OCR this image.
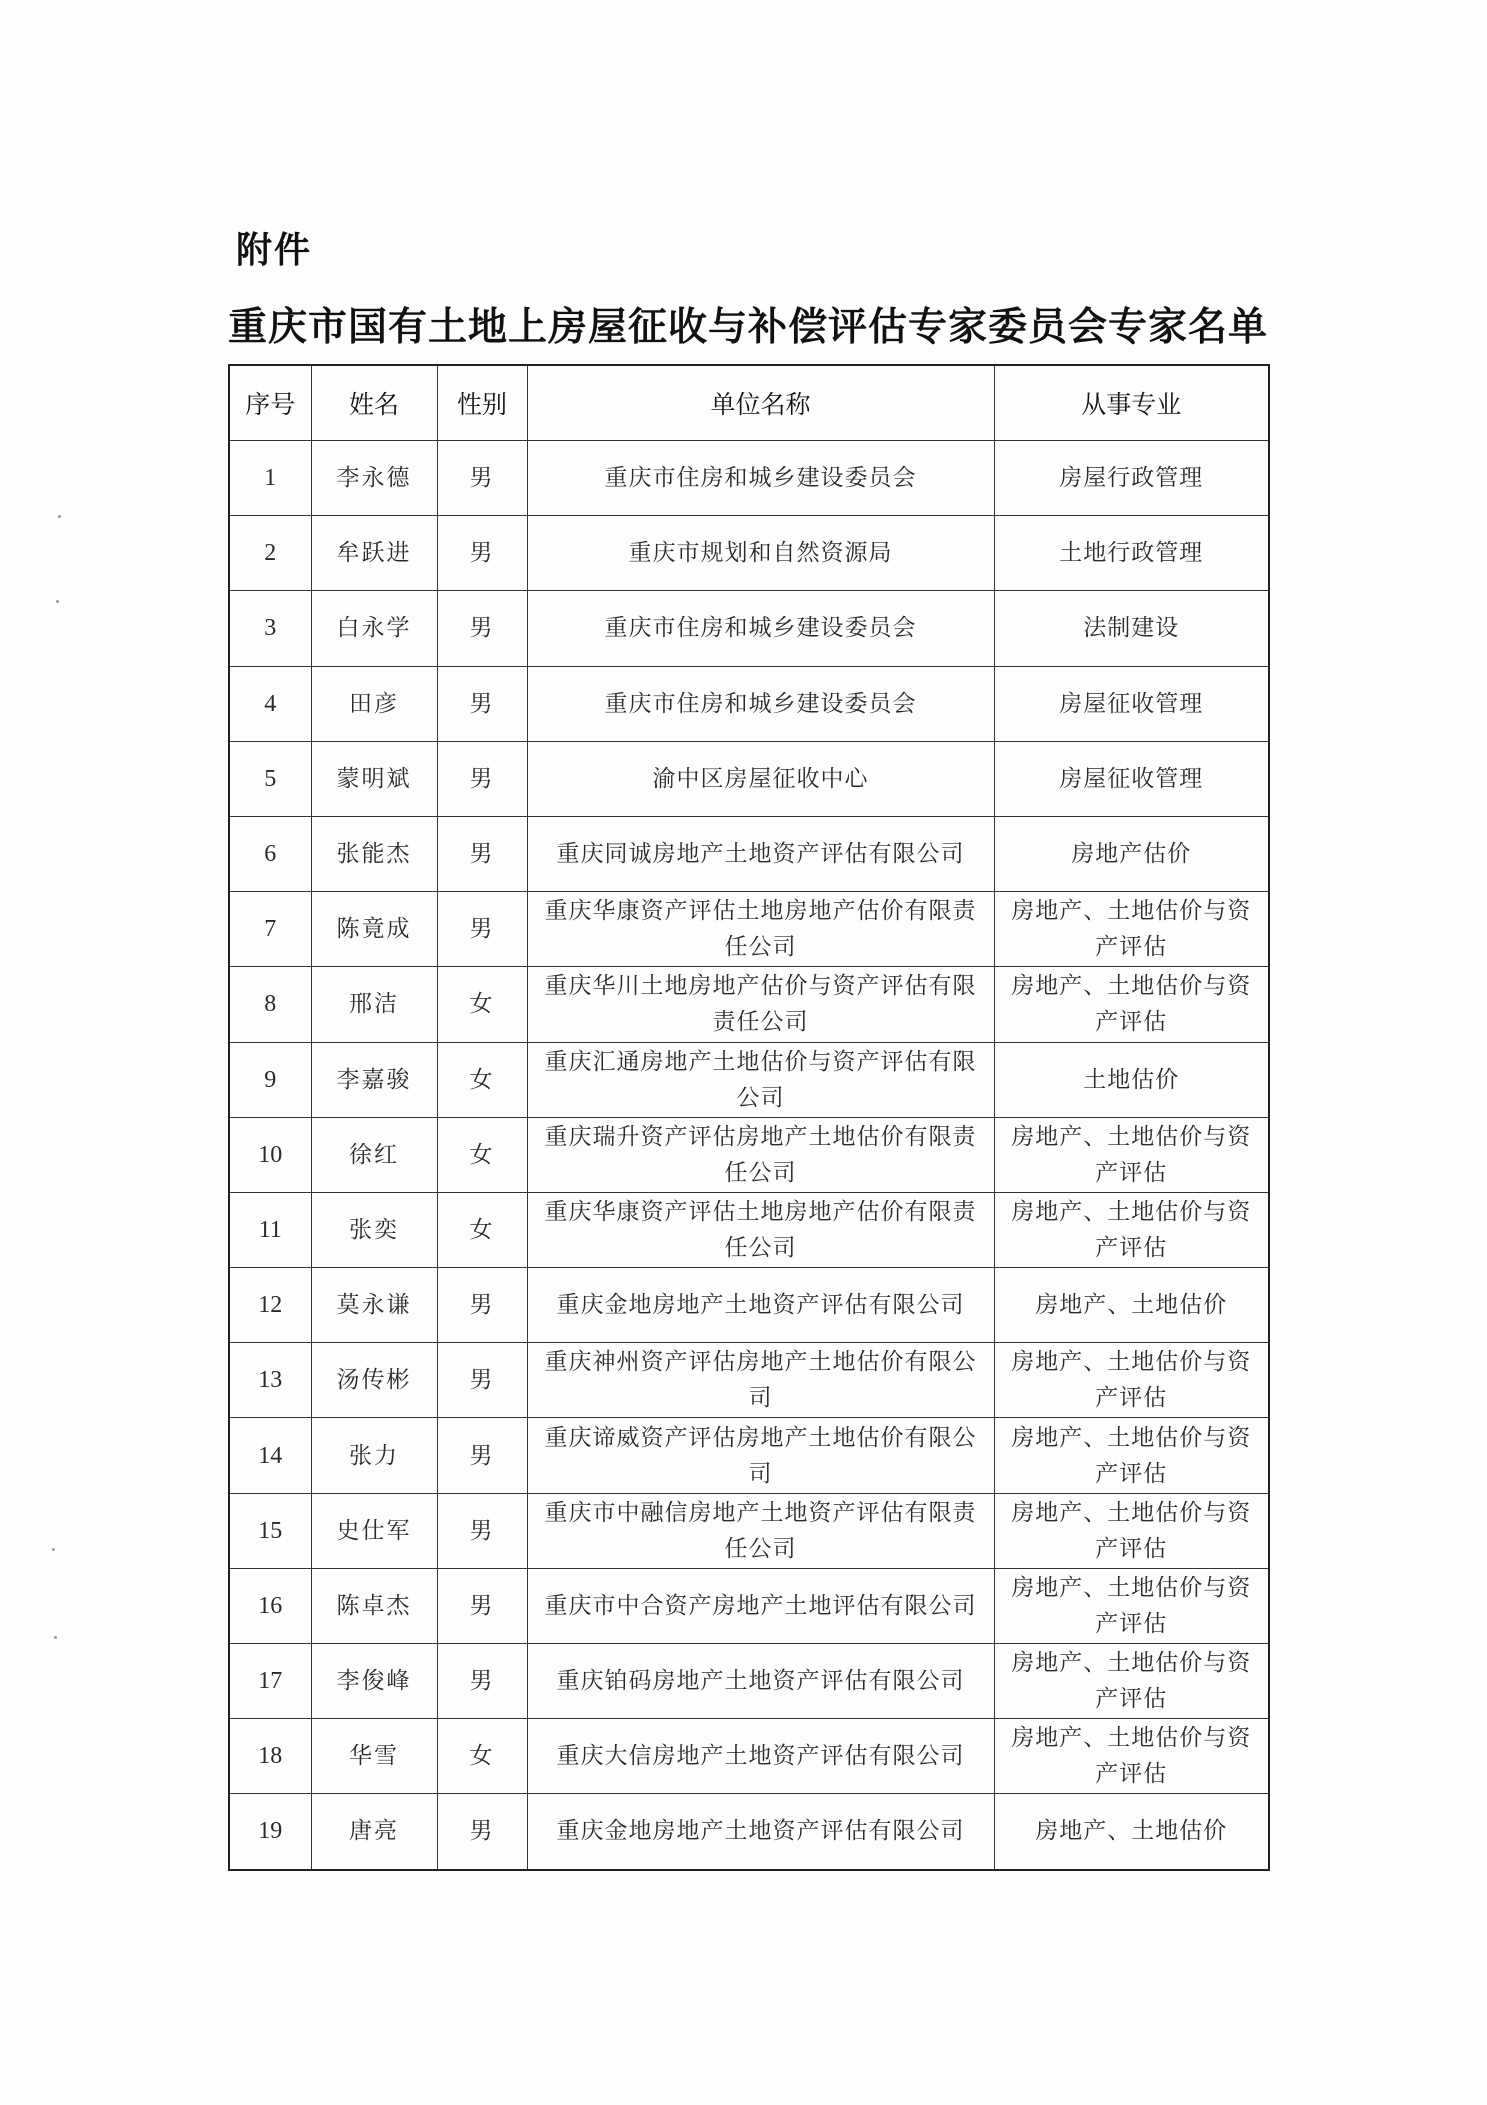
附件
重庆市国有土地上房屋征收与补偿评估专家委员会专家名单
序号	姓名	性别	单位名称	从事专业
1	李永德	男	重庆市住房和城乡建设委员会	房屋行政管理
2	牟跃进	男	重庆市规划和自然资源局	土地行政管理
3	白永学	男	重庆市住房和城乡建设委员会	法制建设
4	田彦	男	重庆市住房和城乡建设委员会	房屋征收管理
5	蒙明斌	男	渝中区房屋征收中心	房屋征收管理
6	张能杰	男	重庆同诚房地产土地资产评估有限公司	房地产估价
7	陈竟成	男	重庆华康资产评估土地房地产估价有限责任公司	房地产、土地估价与资产评估
8	邢洁	女	重庆华川土地房地产估价与资产评估有限责任公司	房地产、土地估价与资产评估
9	李嘉骏	女	重庆汇通房地产土地估价与资产评估有限公司	土地估价
10	徐红	女	重庆瑞升资产评估房地产土地估价有限责任公司	房地产、土地估价与资产评估
11	张奕	女	重庆华康资产评估土地房地产估价有限责任公司	房地产、土地估价与资产评估
12	莫永谦	男	重庆金地房地产土地资产评估有限公司	房地产、土地估价
13	汤传彬	男	重庆神州资产评估房地产土地估价有限公司	房地产、土地估价与资产评估
14	张力	男	重庆谛威资产评估房地产土地估价有限公司	房地产、土地估价与资产评估
15	史仕军	男	重庆市中融信房地产土地资产评估有限责任公司	房地产、土地估价与资产评估
16	陈卓杰	男	重庆市中合资产房地产土地评估有限公司	房地产、土地估价与资产评估
17	李俊峰	男	重庆铂码房地产土地资产评估有限公司	房地产、土地估价与资产评估
18	华雪	女	重庆大信房地产土地资产评估有限公司	房地产、土地估价与资产评估
19	唐亮	男	重庆金地房地产土地资产评估有限公司	房地产、土地估价
